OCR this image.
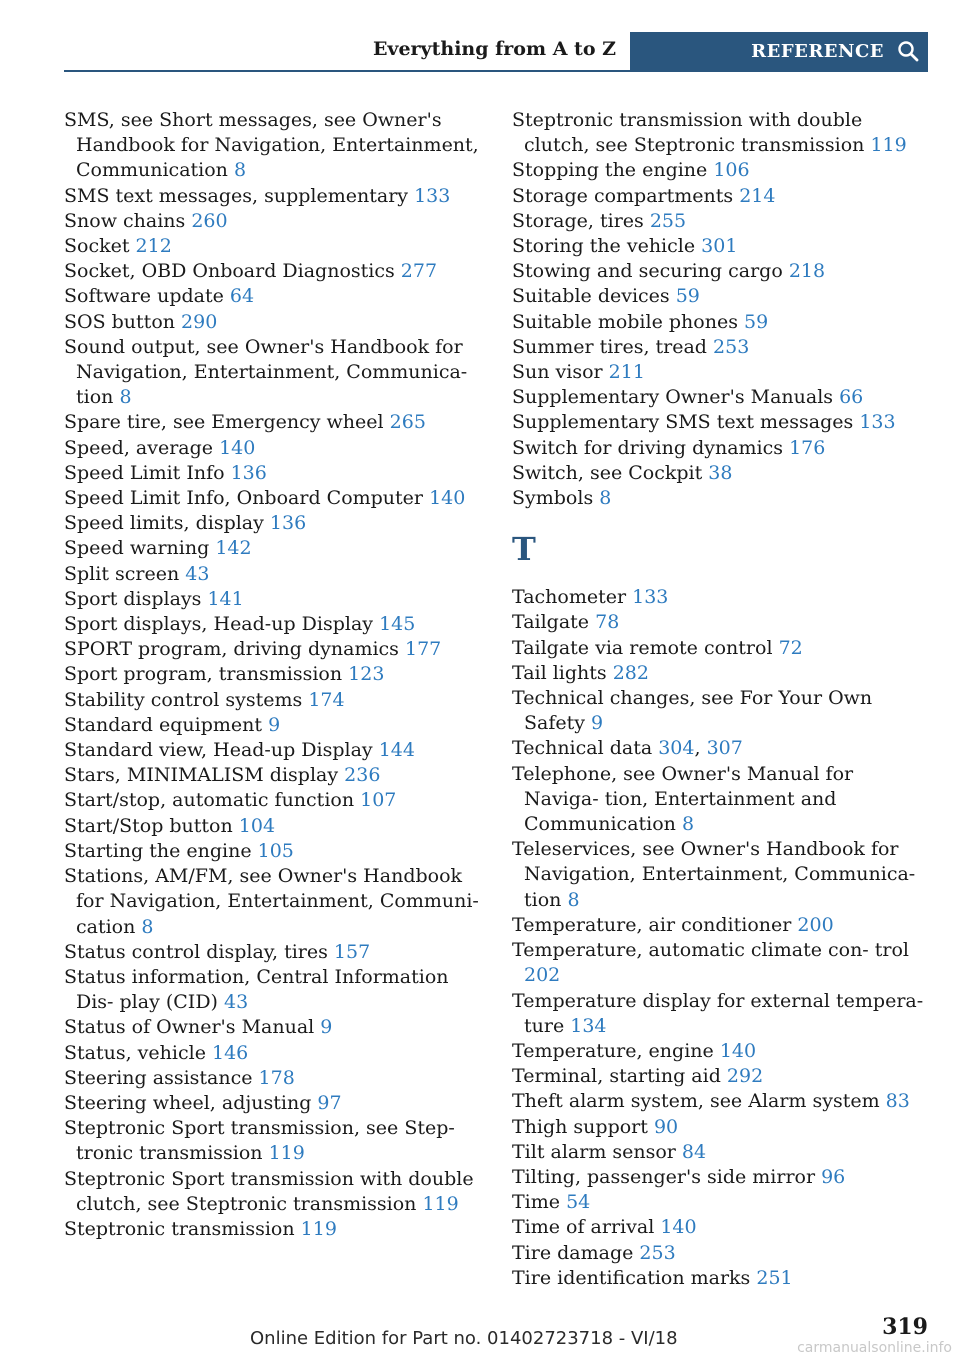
Everything from A to Z	REFERENCE
SMS, see Short messages, see Owner's Handbook for Navigation, Entertainment, Communication 8
SMS text messages, supplementary 133
Snow chains 260
Socket 212
Socket, OBD Onboard Diagnostics 277
Software update 64
SOS button 290
Sound output, see Owner's Handbook for Navigation, Entertainment, Communica- tion 8
Spare tire, see Emergency wheel 265
Speed, average 140
Speed Limit Info 136
Speed Limit Info, Onboard Computer 140
Speed limits, display 136
Speed warning 142
Split screen 43
Sport displays 141
Sport displays, Head-up Display 145
SPORT program, driving dynamics 177
Sport program, transmission 123
Stability control systems 174
Standard equipment 9
Standard view, Head-up Display 144
Stars, MINIMALISM display 236
Start/stop, automatic function 107
Start/Stop button 104
Starting the engine 105
Stations, AM/FM, see Owner's Handbook for Navigation, Entertainment, Communi- cation 8
Status control display, tires 157
Status information, Central Information Dis- play (CID) 43
Status of Owner's Manual 9
Status, vehicle 146
Steering assistance 178
Steering wheel, adjusting 97
Steptronic Sport transmission, see Step- tronic transmission 119
Steptronic Sport transmission with double clutch, see Steptronic transmission 119
Steptronic transmission 119
Steptronic transmission with double clutch, see Steptronic transmission 119
Stopping the engine 106
Storage compartments 214
Storage, tires 255
Storing the vehicle 301
Stowing and securing cargo 218
Suitable devices 59
Suitable mobile phones 59
Summer tires, tread 253
Sun visor 211
Supplementary Owner's Manuals 66
Supplementary SMS text messages 133
Switch for driving dynamics 176
Switch, see Cockpit 38
Symbols 8
T
Tachometer 133
Tailgate 78
Tailgate via remote control 72
Tail lights 282
Technical changes, see For Your Own Safety 9
Technical data 304, 307
Telephone, see Owner's Manual for Naviga- tion, Entertainment and Communication 8
Teleservices, see Owner's Handbook for Navigation, Entertainment, Communica- tion 8
Temperature, air conditioner 200
Temperature, automatic climate con- trol 202
Temperature display for external tempera- ture 134
Temperature, engine 140
Terminal, starting aid 292
Theft alarm system, see Alarm system 83
Thigh support 90
Tilt alarm sensor 84
Tilting, passenger's side mirror 96
Time 54
Time of arrival 140
Tire damage 253
Tire identification marks 251
Online Edition for Part no. 01402723718 - VI/18	319
carmanualsonline.info
